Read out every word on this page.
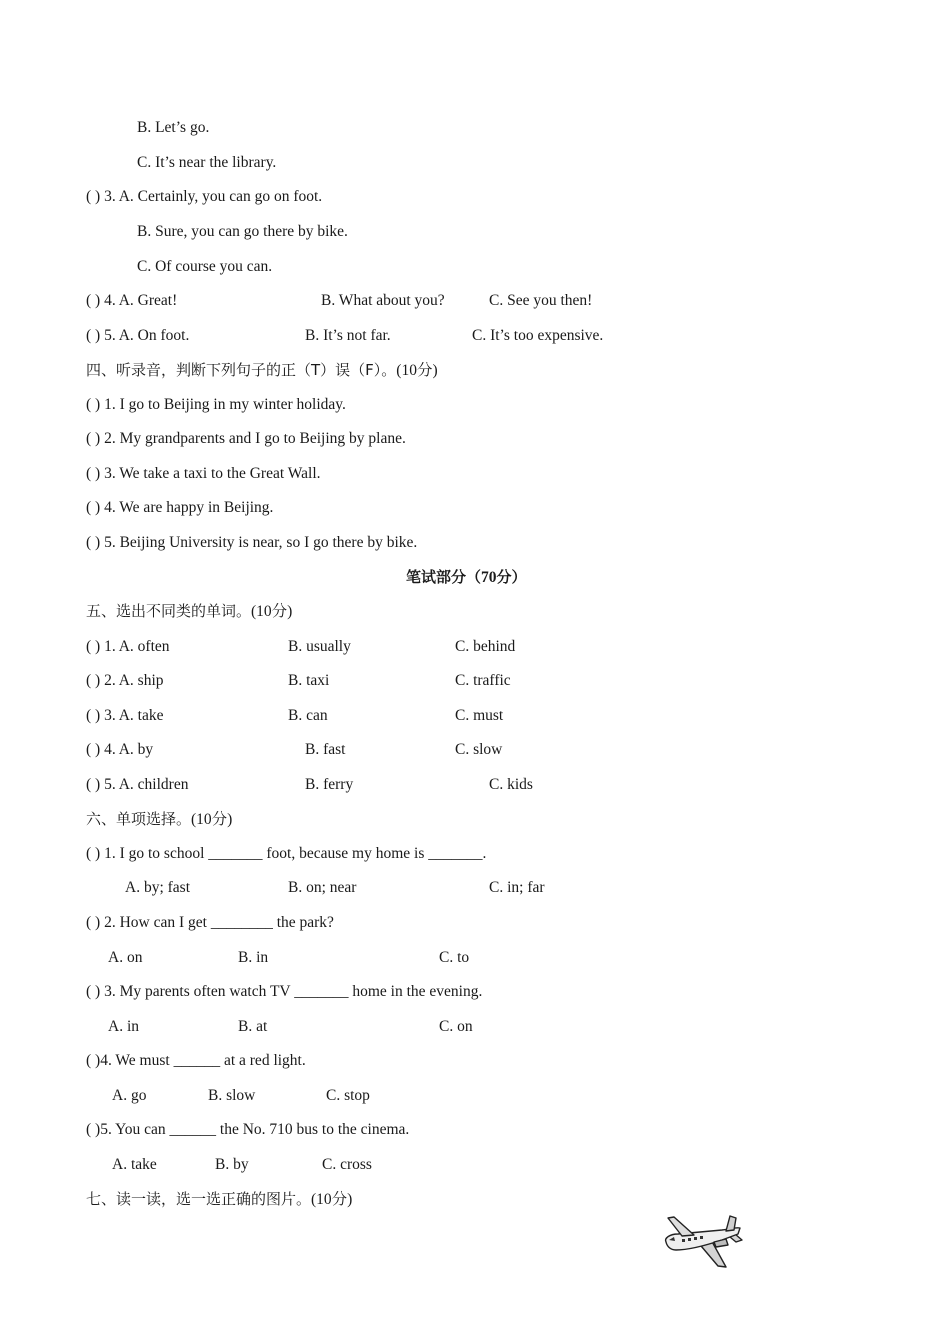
B. Let’s go.
C. It’s near the library.
( ) 3. A. Certainly, you can go on foot.
B. Sure, you can go there by bike.
C. Of course you can.
( ) 4. A. Great!	B. What about you?	C. See you then!
( ) 5. A. On foot.	B. It’s not far.	C. It’s too expensive.
四、听录音，判断下列句子的正（T）误（F）。(10分)
( ) 1. I go to Beijing in my winter holiday.
( ) 2. My grandparents and I go to Beijing by plane.
( ) 3. We take a taxi to the Great Wall.
( ) 4. We are happy in Beijing.
( ) 5. Beijing University is near, so I go there by bike.
笔试部分（70分）
五、选出不同类的单词。(10分)
( ) 1. A. often	B. usually	C. behind
( ) 2. A. ship	B. taxi	C. traffic
( ) 3. A. take	B. can	C. must
( ) 4. A. by	B. fast	C. slow
( ) 5. A. children	B. ferry	C. kids
六、单项选择。(10分)
( ) 1. I go to school _______ foot, because my home is _______.
A. by; fast	B. on; near	C. in; far
( ) 2. How can I get ________ the park?
A. on	B. in	C. to
( ) 3. My parents often watch TV _______ home in the evening.
A. in	B. at	C. on
( )4. We must ______ at a red light.
A. go	B. slow	C. stop
( )5. You can ______ the No. 710 bus to the cinema.
A. take	B. by	C. cross
七、读一读，选一选正确的图片。(10分)
